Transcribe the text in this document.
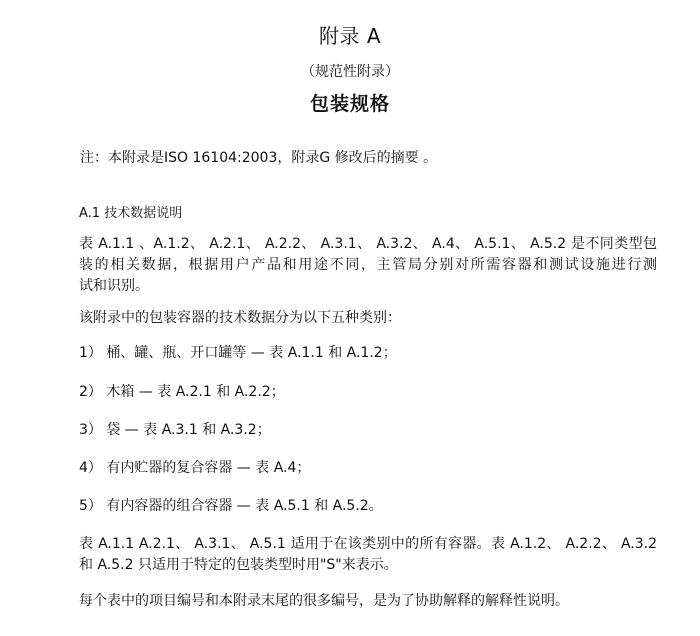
附录 A
（规范性附录）
包装规格
注：本附录是ISO 16104:2003，附录G 修改后的摘要 。
A.1 技术数据说明
表 A.1.1 、A.1.2、 A.2.1、 A.2.2、 A.3.1、 A.3.2、 A.4、 A.5.1、 A.5.2 是不同类型包
装的相关数据，根据用户产品和用途不同，主管局分别对所需容器和测试设施进行测
试和识别。
该附录中的包装容器的技术数据分为以下五种类别：
1） 桶、罐、瓶、开口罐等 — 表 A.1.1 和 A.1.2；
2） 木箱 — 表 A.2.1 和 A.2.2；
3） 袋 — 表 A.3.1 和 A.3.2；
4） 有内贮器的复合容器 — 表 A.4；
5） 有内容器的组合容器 — 表 A.5.1 和 A.5.2。
表 A.1.1 A.2.1、 A.3.1、 A.5.1 适用于在该类别中的所有容器。表 A.1.2、 A.2.2、 A.3.2
和 A.5.2 只适用于特定的包装类型时用"S"来表示。
每个表中的项目编号和本附录末尾的很多编号，是为了协助解释的解释性说明。
